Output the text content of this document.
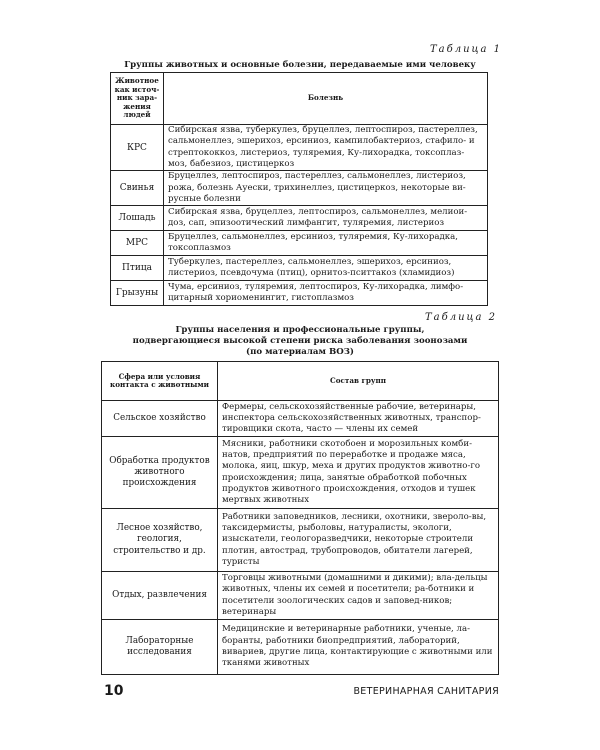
Таблица 1
Группы животных и основные болезни, передаваемые ими человеку
Животное как источ-ник зара-жения людей	Болезнь
КРС	Сибирская язва, туберкулез, бруцеллез, лептоспироз, пастереллез, сальмонеллез, эшерихоз, ерсиниоз, кампилобактериоз, стафило- и стрептококкоз, листериоз, туляремия, Ку-лихорадка, токсоплаз-моз, бабезиоз, цистицеркоз
Свинья	Бруцеллез, лептоспироз, пастереллез, сальмонеллез, листериоз, рожа, болезнь Ауески, трихинеллез, цистицеркоз, некоторые ви-русные болезни
Лошадь	Сибирская язва, бруцеллез, лептоспироз, сальмонеллез, мелиои-доз, сап, эпизоотический лимфангит, туляремия, листериоз
МРС	Бруцеллез, сальмонеллез, ерсиниоз, туляремия, Ку-лихорадка, токсоплазмоз
Птица	Туберкулез, пастереллез, сальмонеллез, эшерихоз, ерсиниоз, листериоз, псевдочума (птиц), орнитоз-пситтакоз (хламидиоз)
Грызуны	Чума, ерсиниоз, туляремия, лептоспироз, Ку-лихорадка, лимфо-цитарный хориоменингит, гистоплазмоз
Таблица 2
Группы населения и профессиональные группы,
подвергающиеся высокой степени риска заболевания зоонозами
(по материалам ВОЗ)
Сфера или условия контакта с животными	Состав групп
Сельское хозяйство	Фермеры, сельскохозяйственные рабочие, ветеринары, инспектора сельскохозяйственных животных, транспор-тировщики скота, часто — члены их семей
Обработка продуктов животного происхождения	Мясники, работники скотобоен и морозильных комби-натов, предприятий по переработке и продаже мяса, молока, яиц, шкур, меха и других продуктов животно-го происхождения; лица, занятые обработкой побочных продуктов животного происхождения, отходов и тушек мертвых животных
Лесное хозяйство, геология, строительство и др.	Работники заповедников, лесники, охотники, звероло-вы, таксидермисты, рыболовы, натуралисты, экологи, изыскатели, геологоразведчики, некоторые строители плотин, автострад, трубопроводов, обитатели лагерей, туристы
Отдых, развлечения	Торговцы животными (домашними и дикими); вла-дельцы животных, члены их семей и посетители; ра-ботники и посетители зоологических садов и заповед-ников; ветеринары
Лабораторные исследования	Медицинские и ветеринарные работники, ученые, ла-боранты, работники биопредприятий, лабораторий, вивариев, другие лица, контактирующие с животными или тканями животных
10	ВЕТЕРИНАРНАЯ САНИТАРИЯ
